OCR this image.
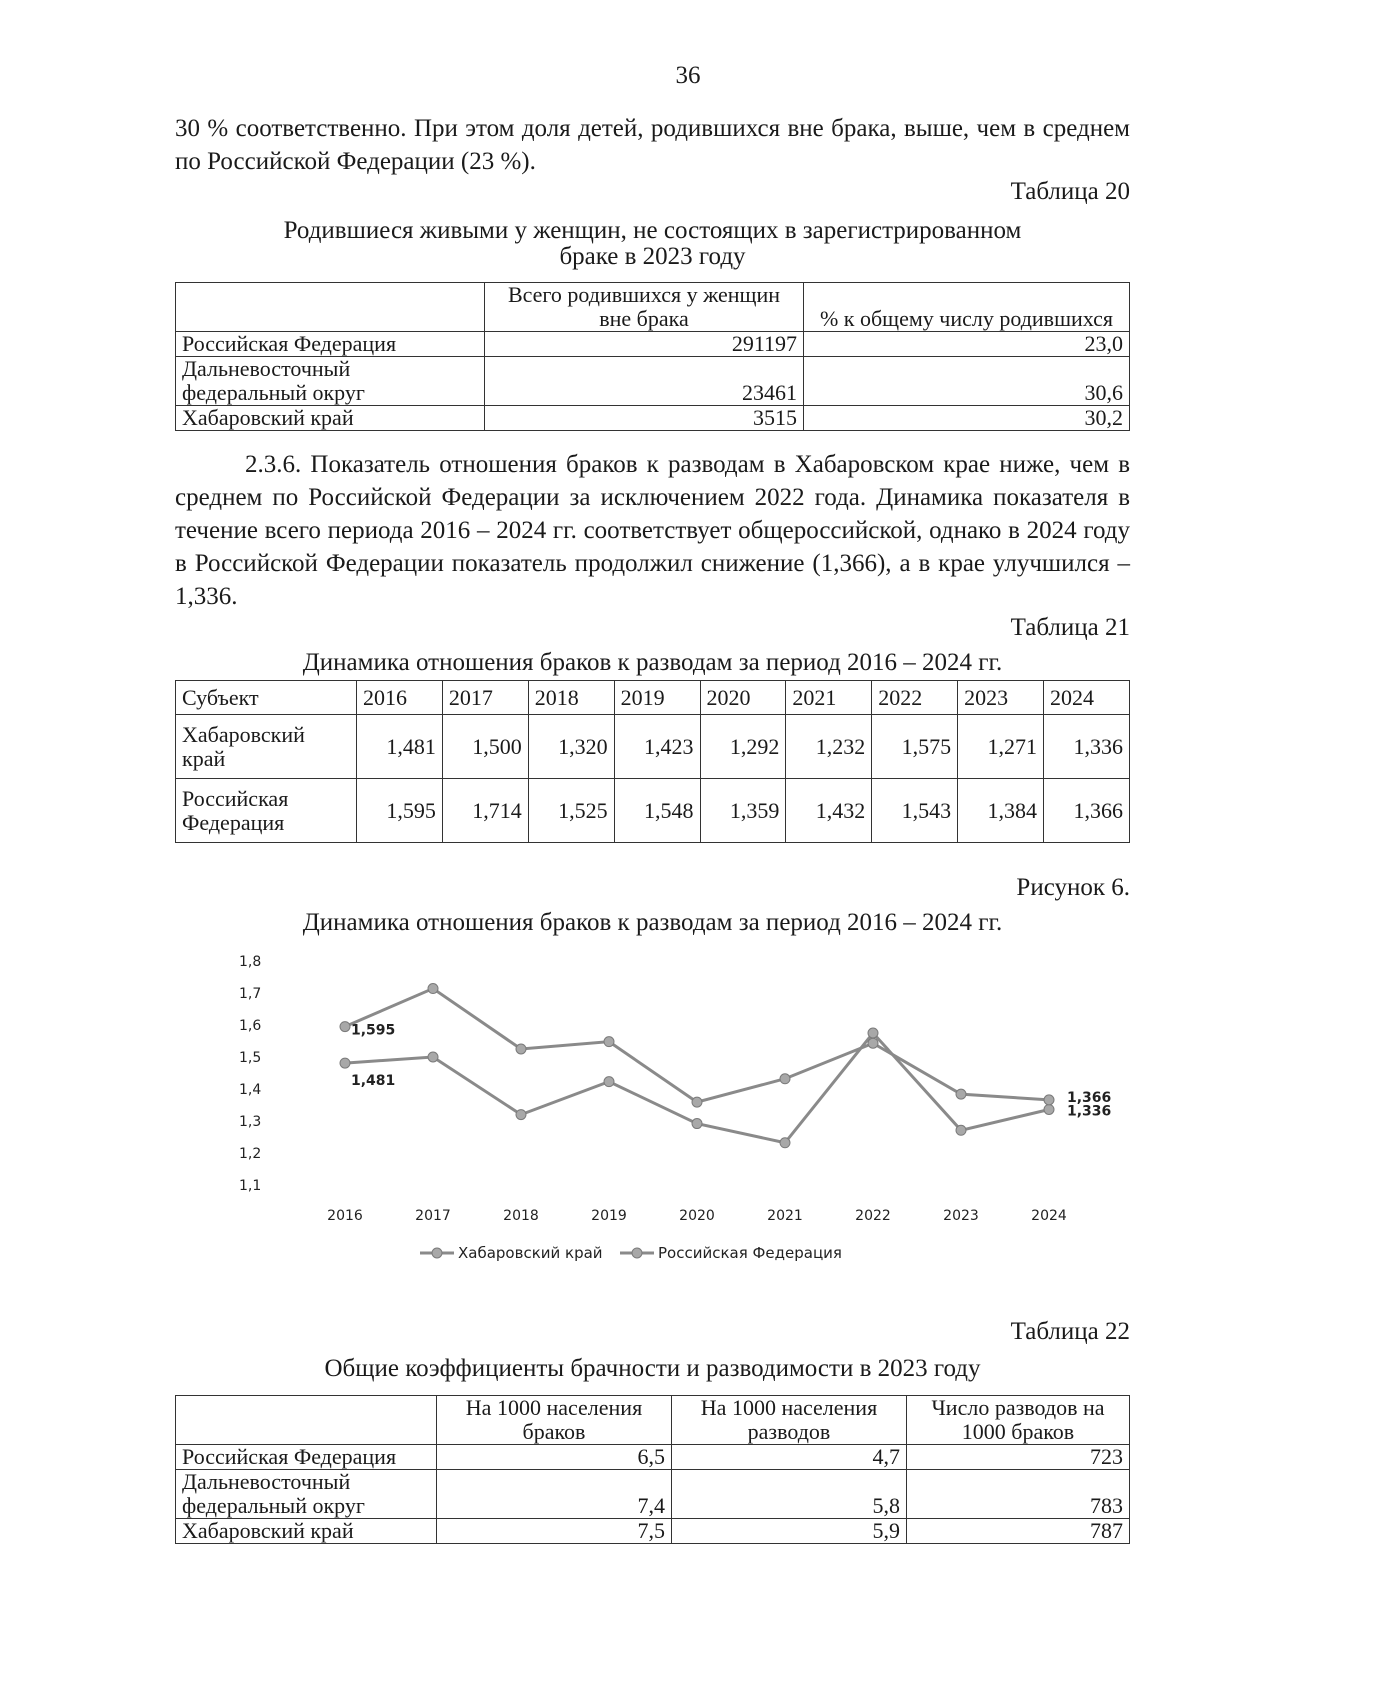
36

30 % соответственно. При этом доля детей, родившихся вне брака, выше, чем в среднем по Российской Федерации (23 %).

Таблица 20
Родившиеся живыми у женщин, не состоящих в зарегистрированном
браке в 2023 году
	Всего родившихся у женщин вне брака	% к общему числу родившихся
Российская Федерация	291197	23,0
Дальневосточный федеральный округ	23461	30,6
Хабаровский край	3515	30,2

2.3.6. Показатель отношения браков к разводам в Хабаровском крае ниже, чем в среднем по Российской Федерации за исключением 2022 года. Динамика показателя в течение всего периода 2016 – 2024 гг. соответствует общероссийской, однако в 2024 году в Российской Федерации показатель продолжил снижение (1,366), а в крае улучшился – 1,336.

Таблица 21
Динамика отношения браков к разводам за период 2016 – 2024 гг.
Субъект	2016	2017	2018	2019	2020	2021	2022	2023	2024
Хабаровский край	1,481	1,500	1,320	1,423	1,292	1,232	1,575	1,271	1,336
Российская Федерация	1,595	1,714	1,525	1,548	1,359	1,432	1,543	1,384	1,366
Рисунок 6.
Динамика отношения браков к разводам за период 2016 – 2024 гг.
1,1
1,2
1,3
1,4
1,5
1,6
1,7
1,8
2016	2017	2018	2019	2020	2021	2022	2023	2024
1,481
1,336
1,595
1,366
Хабаровский край	Российская Федерация
Таблица 22
Общие коэффициенты брачности и разводимости в 2023 году
	На 1000 населения браков	На 1000 населения разводов	Число разводов на 1000 браков
Российская Федерация	6,5	4,7	723
Дальневосточный федеральный округ	7,4	5,8	783
Хабаровский край	7,5	5,9	787
